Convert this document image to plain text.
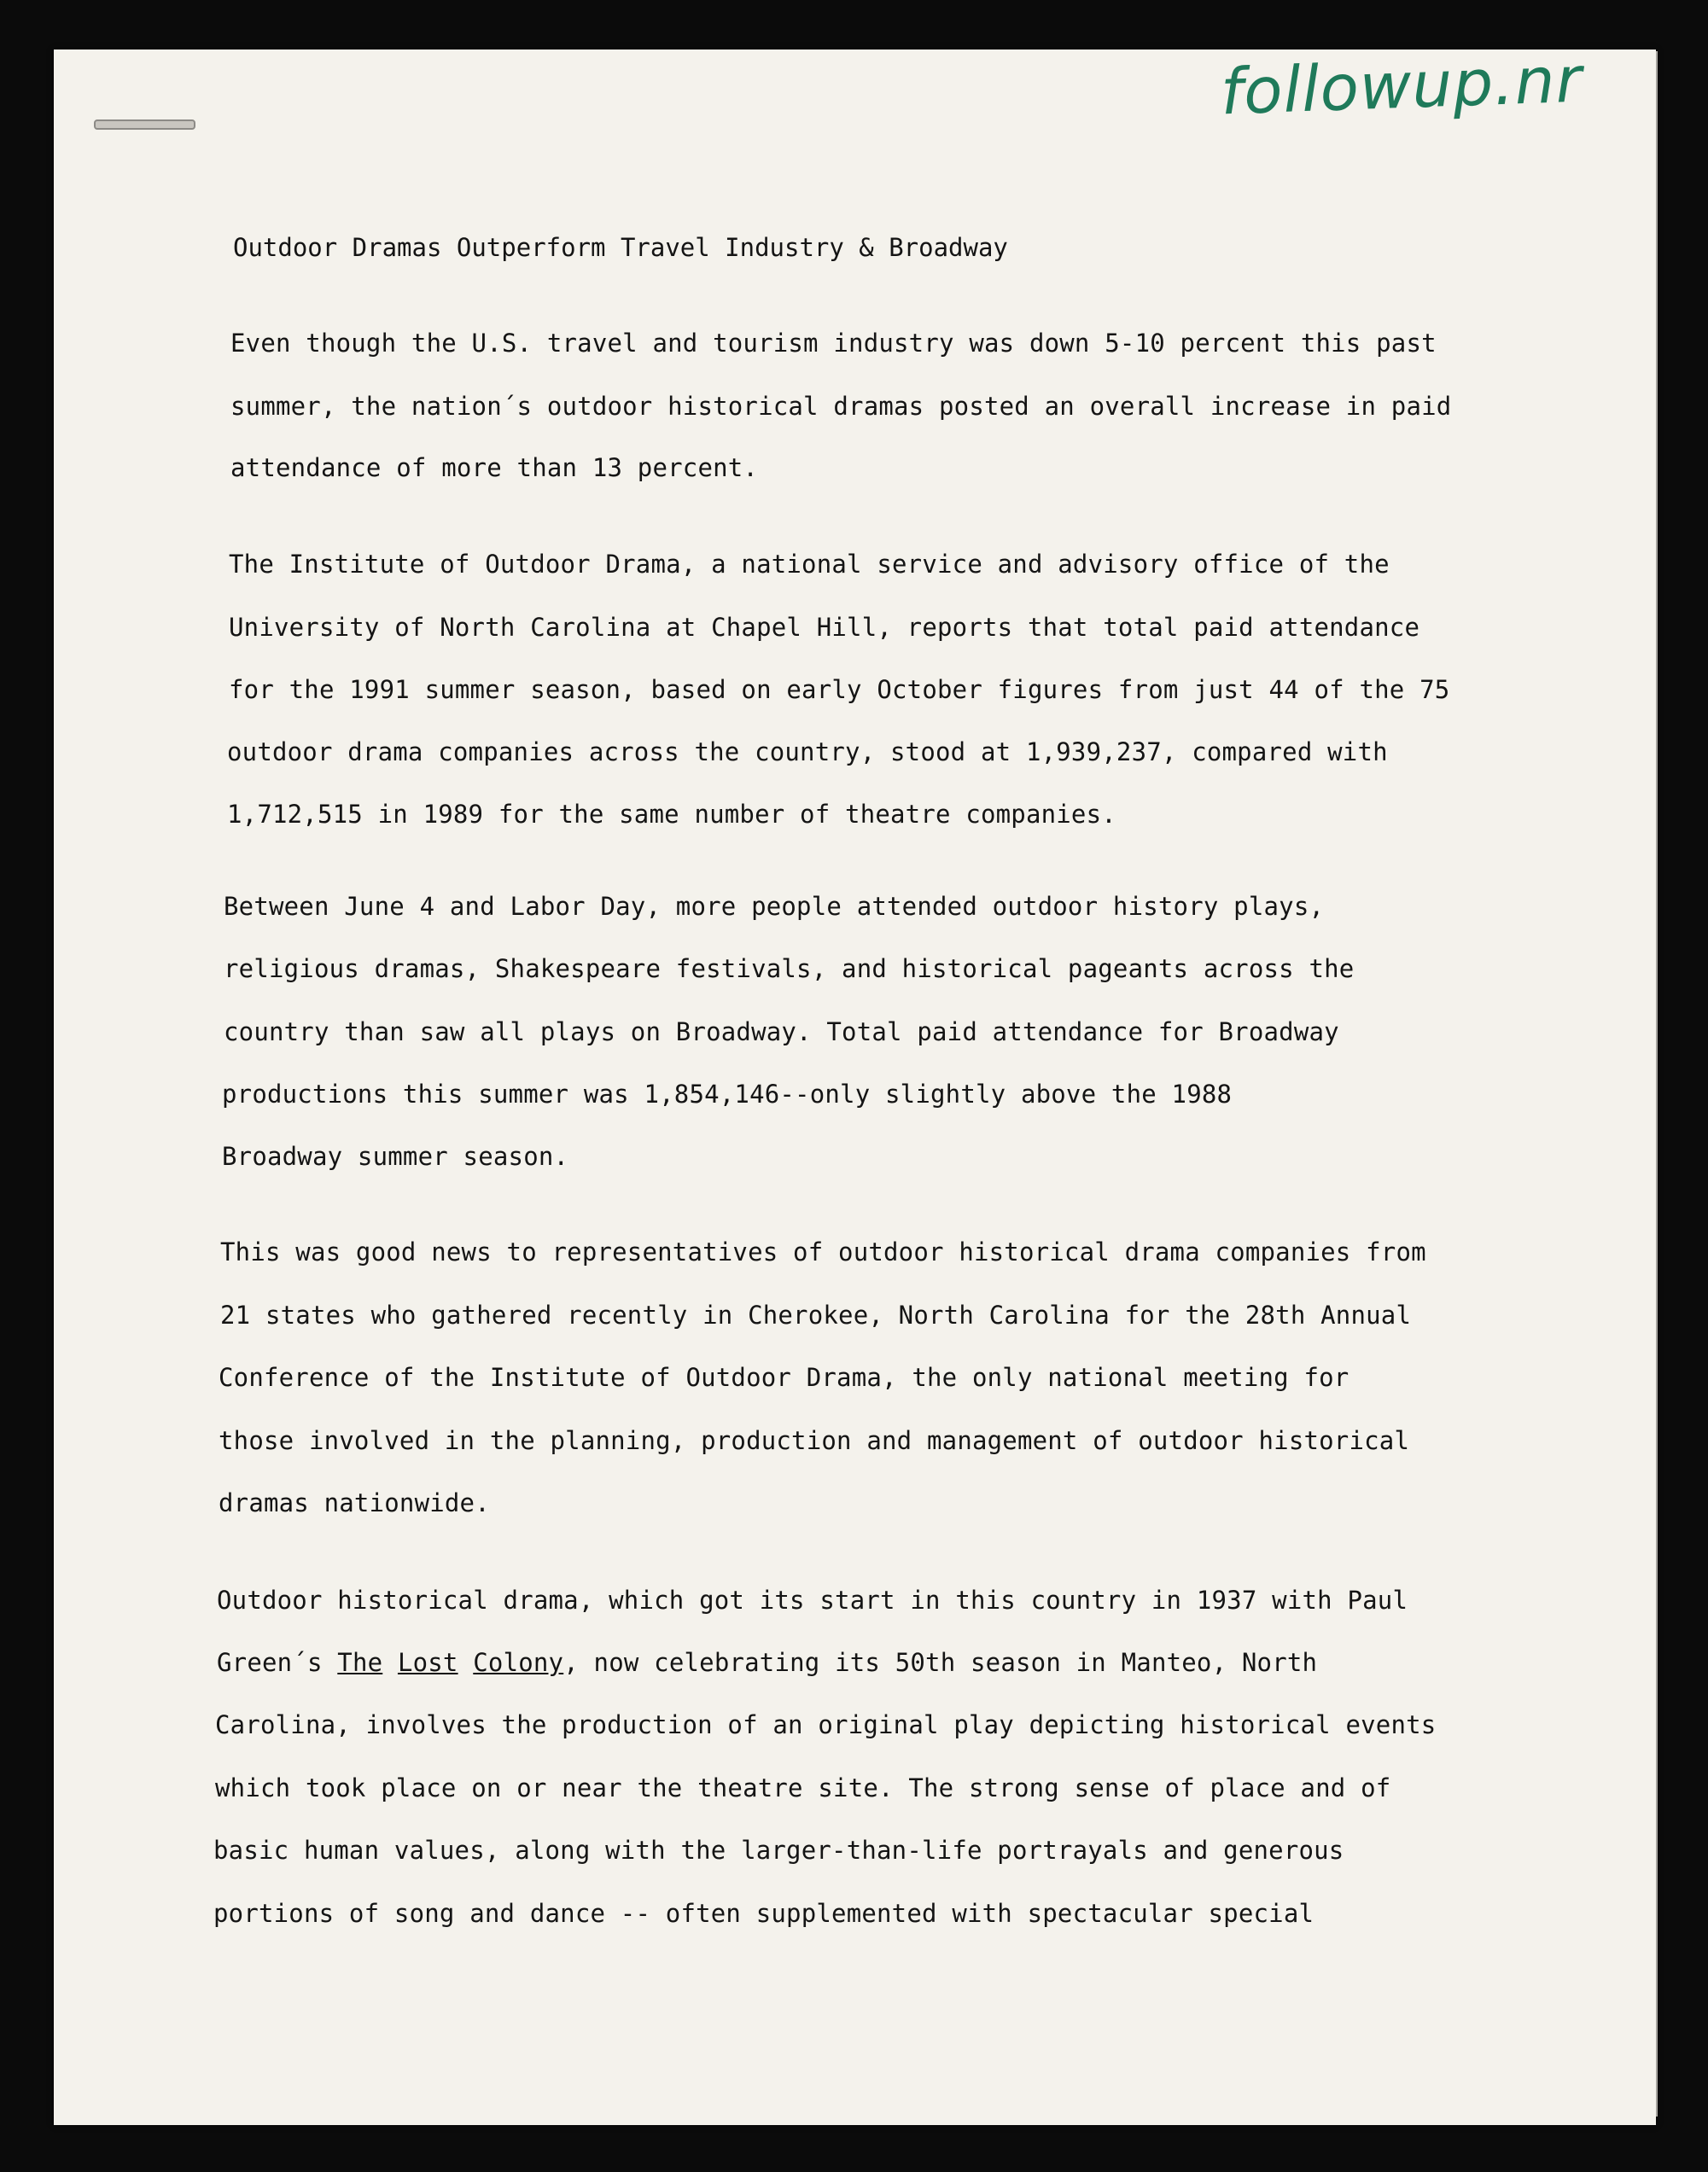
followup.nr
Outdoor Dramas Outperform Travel Industry & Broadway
Even though the U.S. travel and tourism industry was down 5-10 percent this past
summer, the nation´s outdoor historical dramas posted an overall increase in paid
attendance of more than 13 percent.
The Institute of Outdoor Drama, a national service and advisory office of the
University of North Carolina at Chapel Hill, reports that total paid attendance
for the 1991 summer season, based on early October figures from just 44 of the 75
outdoor drama companies across the country, stood at 1,939,237, compared with
1,712,515 in 1989 for the same number of theatre companies.
Between June 4 and Labor Day, more people attended outdoor history plays,
religious dramas, Shakespeare festivals, and historical pageants across the
country than saw all plays on Broadway. Total paid attendance for Broadway
productions this summer was 1,854,146--only slightly above the 1988
Broadway summer season.
This was good news to representatives of outdoor historical drama companies from
21 states who gathered recently in Cherokee, North Carolina for the 28th Annual
Conference of the Institute of Outdoor Drama, the only national meeting for
those involved in the planning, production and management of outdoor historical
dramas nationwide.
Outdoor historical drama, which got its start in this country in 1937 with Paul
Green´s The Lost Colony, now celebrating its 50th season in Manteo, North
Carolina, involves the production of an original play depicting historical events
which took place on or near the theatre site. The strong sense of place and of
basic human values, along with the larger-than-life portrayals and generous
portions of song and dance -- often supplemented with spectacular special
